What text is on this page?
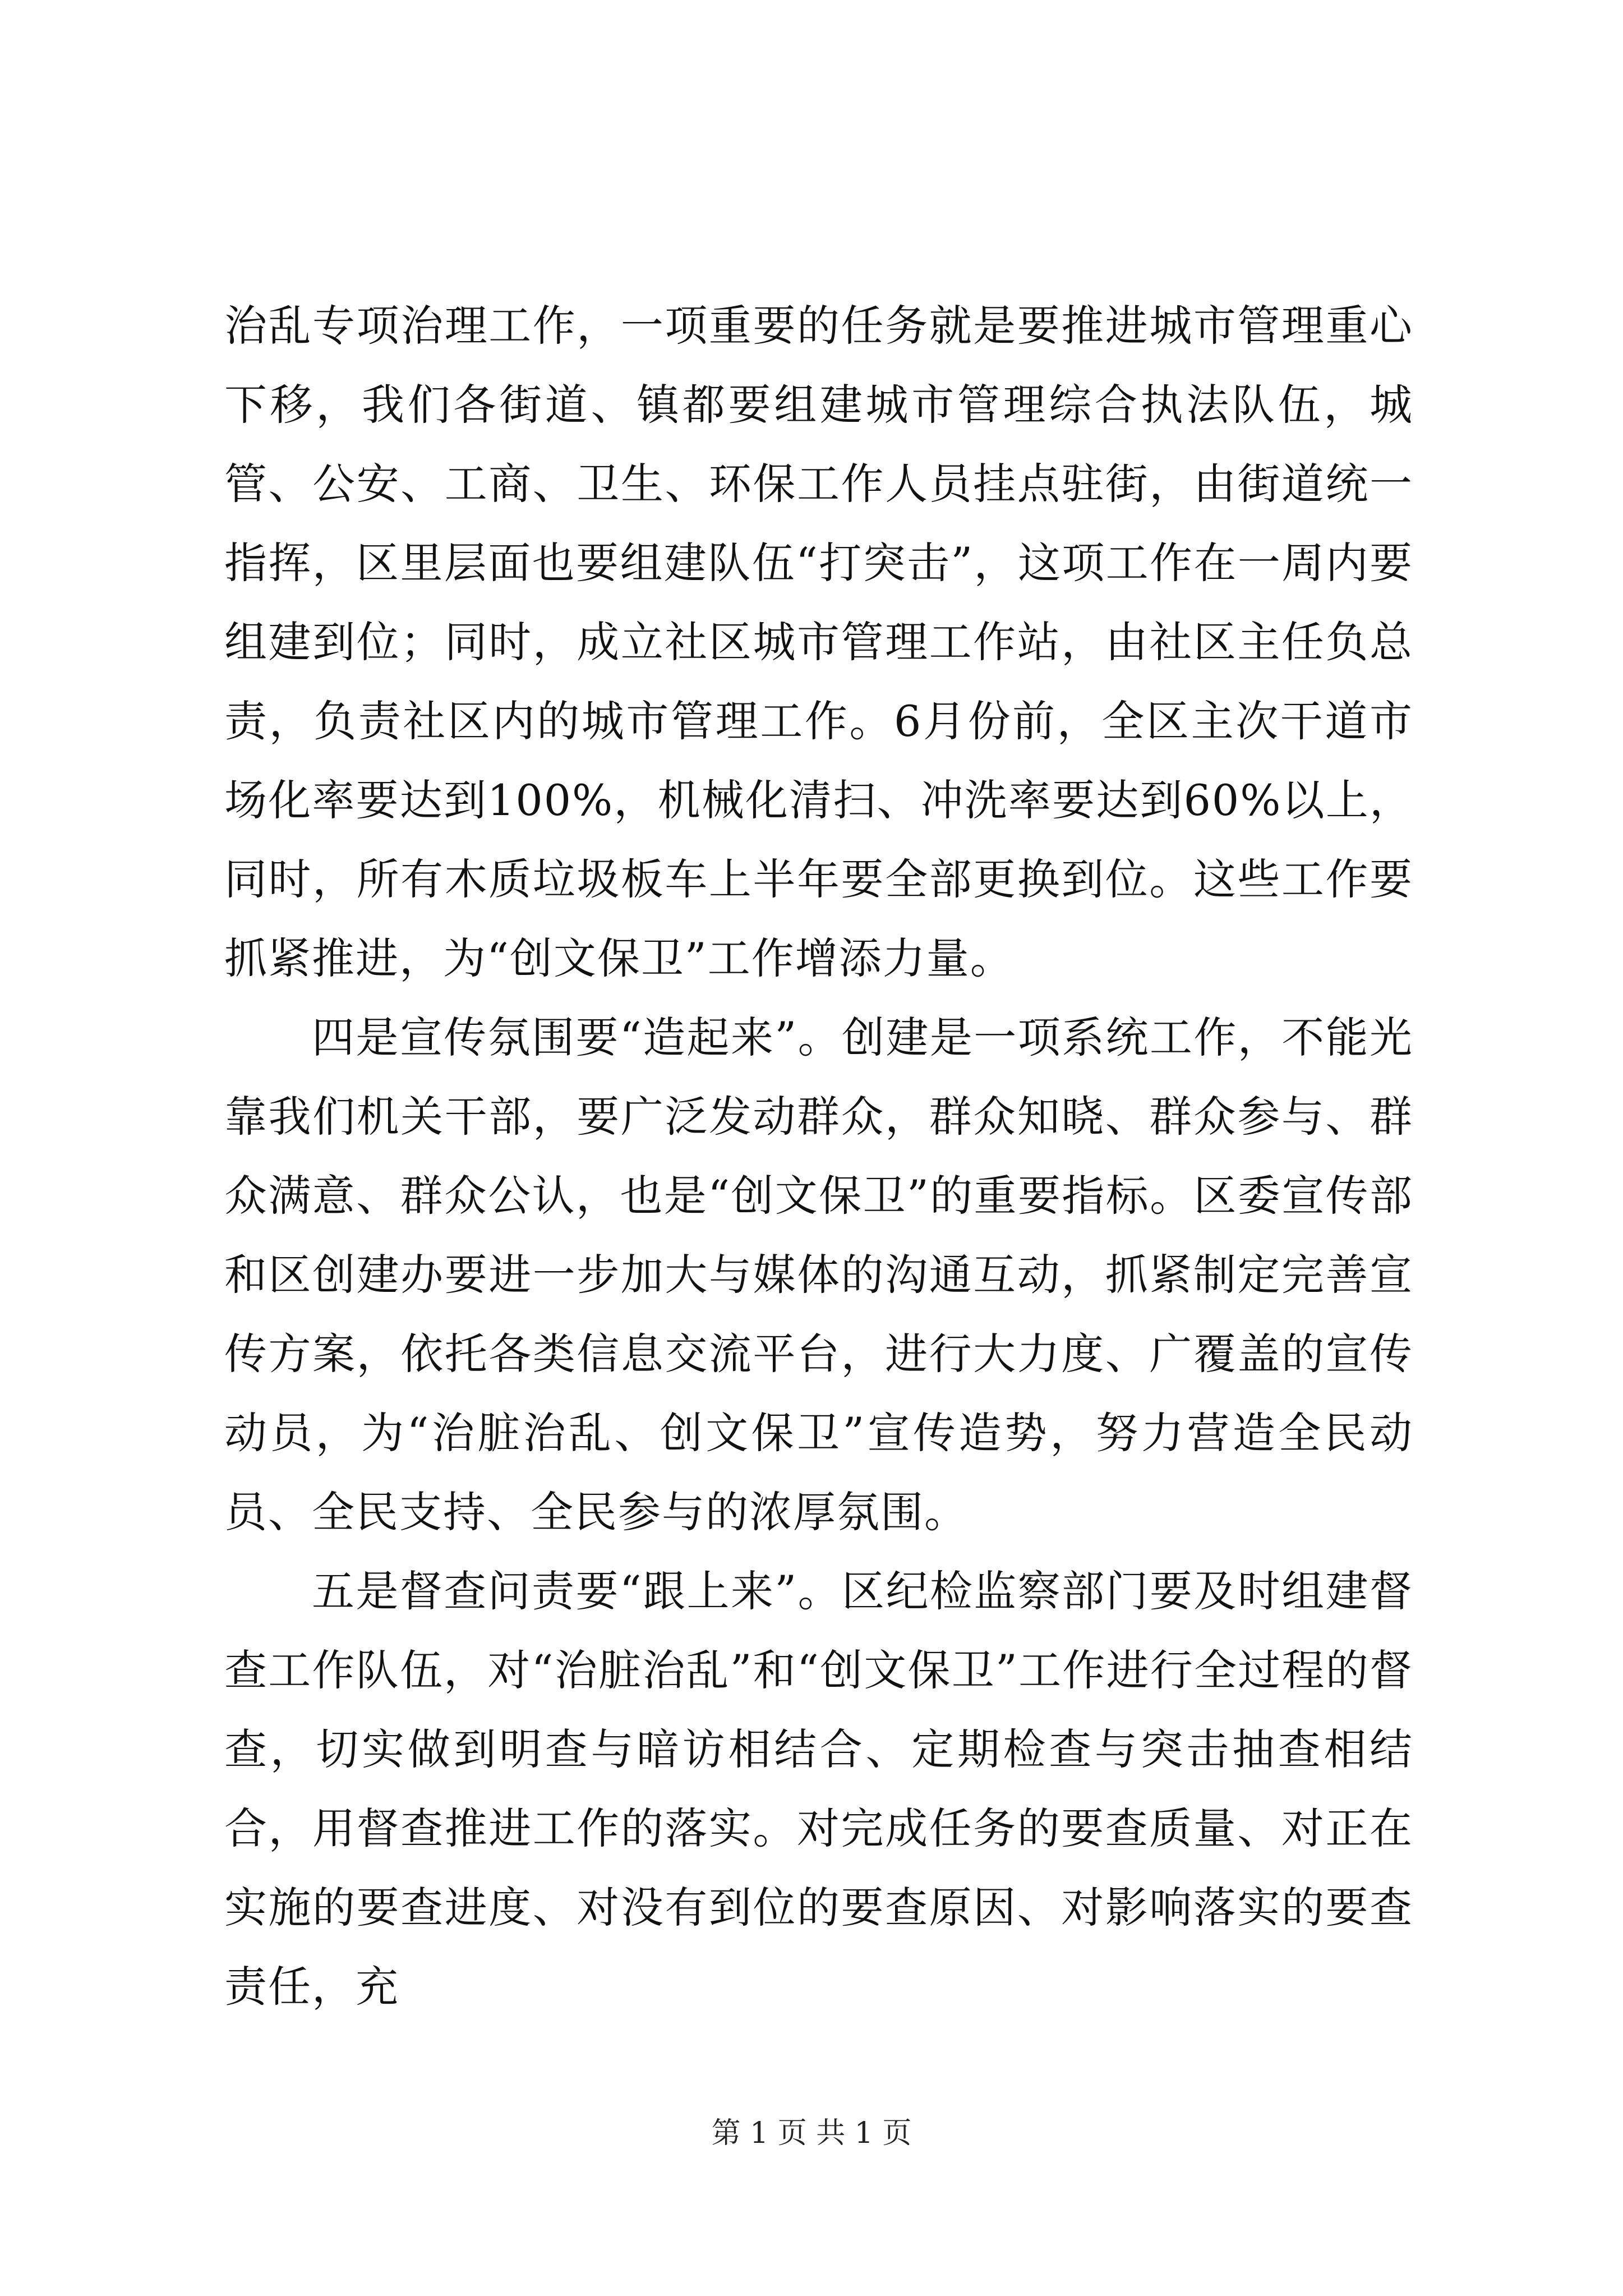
治乱专项治理工作，一项重要的任务就是要推进城市管理重心下移，我们各街道、镇都要组建城市管理综合执法队伍，城管、公安、工商、卫生、环保工作人员挂点驻街，由街道统一指挥，区里层面也要组建队伍“打突击”，这项工作在一周内要组建到位；同时，成立社区城市管理工作站，由社区主任负总责，负责社区内的城市管理工作。6月份前，全区主次干道市场化率要达到100%，机械化清扫、冲洗率要达到60%以上，同时，所有木质垃圾板车上半年要全部更换到位。这些工作要抓紧推进，为“创文保卫”工作增添力量。

四是宣传氛围要“造起来”。创建是一项系统工作，不能光靠我们机关干部，要广泛发动群众，群众知晓、群众参与、群众满意、群众公认，也是“创文保卫”的重要指标。区委宣传部和区创建办要进一步加大与媒体的沟通互动，抓紧制定完善宣传方案，依托各类信息交流平台，进行大力度、广覆盖的宣传动员，为“治脏治乱、创文保卫”宣传造势，努力营造全民动员、全民支持、全民参与的浓厚氛围。

五是督查问责要“跟上来”。区纪检监察部门要及时组建督查工作队伍，对“治脏治乱”和“创文保卫”工作进行全过程的督查，切实做到明查与暗访相结合、定期检查与突击抽查相结合，用督查推进工作的落实。对完成任务的要查质量、对正在实施的要查进度、对没有到位的要查原因、对影响落实的要查责任，充

第 1 页 共 1 页
